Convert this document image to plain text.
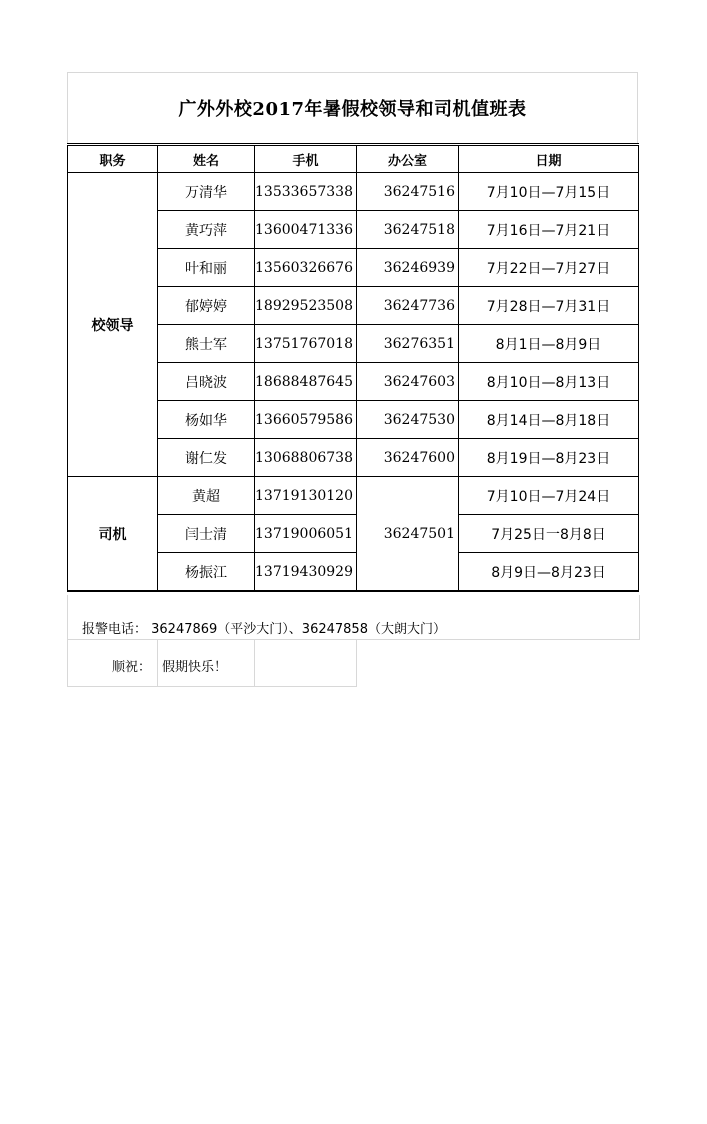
广外外校2017年暑假校领导和司机值班表
职务	姓名	手机	办公室	日期
校领导	万清华	13533657338	36247516	7月10日—7月15日
	黄巧萍	13600471336	36247518	7月16日—7月21日
	叶和丽	13560326676	36246939	7月22日—7月27日
	郁婷婷	18929523508	36247736	7月28日—7月31日
	熊士军	13751767018	36276351	8月1日—8月9日
	吕晓波	18688487645	36247603	8月10日—8月13日
	杨如华	13660579586	36247530	8月14日—8月18日
	谢仁发	13068806738	36247600	8月19日—8月23日
司机	黄超	13719130120	36247501	7月10日—7月24日
	闫士清	13719006051		7月25日一8月8日
	杨振江	13719430929		8月9日—8月23日
报警电话： 36247869（平沙大门）、36247858（大朗大门）
顺祝： 假期快乐！
